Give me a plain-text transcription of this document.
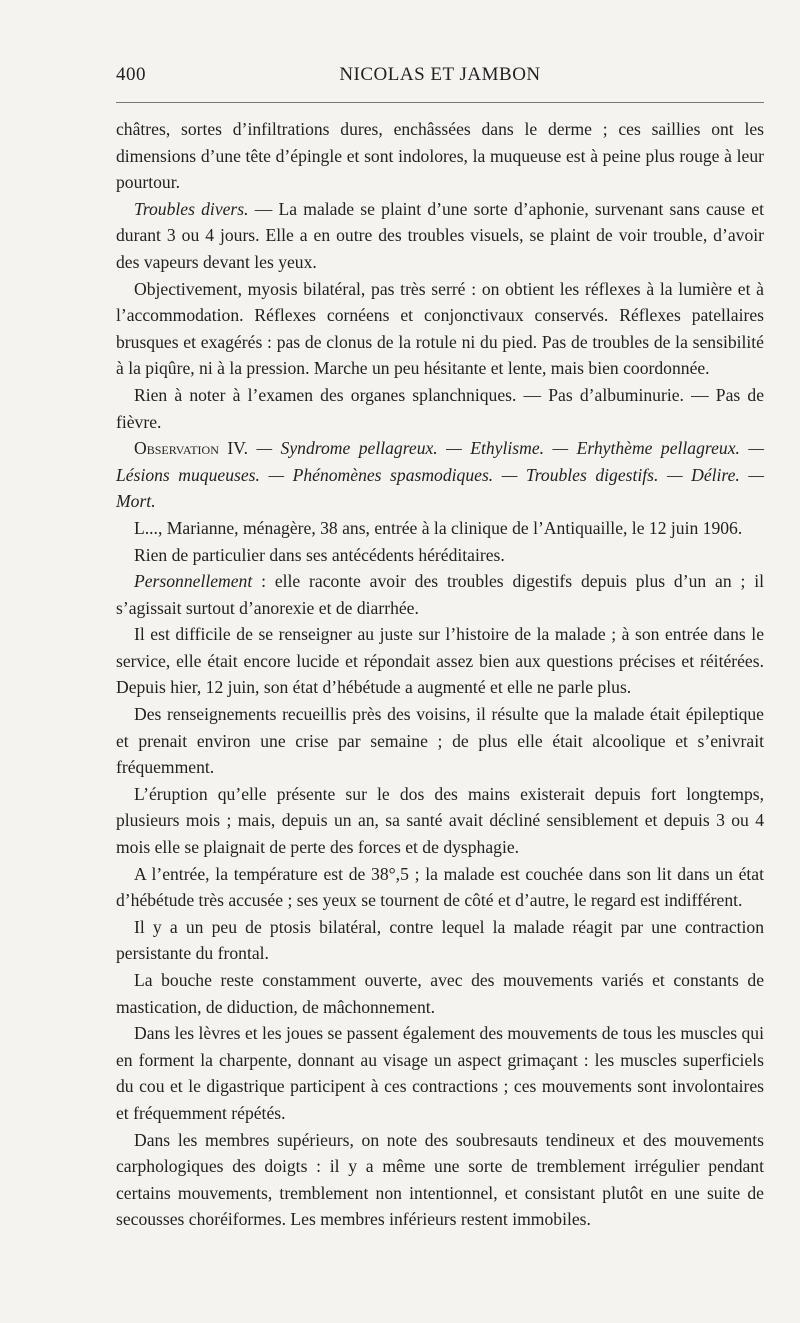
400	NICOLAS ET JAMBON

châtres, sortes d’infiltrations dures, enchâssées dans le derme ; ces saillies ont les dimensions d’une tête d’épingle et sont indolores, la muqueuse est à peine plus rouge à leur pourtour.

Troubles divers. — La malade se plaint d’une sorte d’aphonie, survenant sans cause et durant 3 ou 4 jours. Elle a en outre des troubles visuels, se plaint de voir trouble, d’avoir des vapeurs devant les yeux.

Objectivement, myosis bilatéral, pas très serré : on obtient les réflexes à la lumière et à l’accommodation. Réflexes cornéens et conjonctivaux conservés. Réflexes patellaires brusques et exagérés : pas de clonus de la rotule ni du pied. Pas de troubles de la sensibilité à la piqûre, ni à la pression. Marche un peu hésitante et lente, mais bien coordonnée.

Rien à noter à l’examen des organes splanchniques. — Pas d’albuminurie. — Pas de fièvre.

Observation IV. — Syndrome pellagreux. — Ethylisme. — Erhythème pellagreux. — Lésions muqueuses. — Phénomènes spasmodiques. — Troubles digestifs. — Délire. — Mort.

L..., Marianne, ménagère, 38 ans, entrée à la clinique de l’Antiquaille, le 12 juin 1906.

Rien de particulier dans ses antécédents héréditaires.

Personnellement : elle raconte avoir des troubles digestifs depuis plus d’un an ; il s’agissait surtout d’anorexie et de diarrhée.

Il est difficile de se renseigner au juste sur l’histoire de la malade ; à son entrée dans le service, elle était encore lucide et répondait assez bien aux questions précises et réitérées. Depuis hier, 12 juin, son état d’hébétude a augmenté et elle ne parle plus.

Des renseignements recueillis près des voisins, il résulte que la malade était épileptique et prenait environ une crise par semaine ; de plus elle était alcoolique et s’enivrait fréquemment.

L’éruption qu’elle présente sur le dos des mains existerait depuis fort longtemps, plusieurs mois ; mais, depuis un an, sa santé avait décliné sensiblement et depuis 3 ou 4 mois elle se plaignait de perte des forces et de dysphagie.

A l’entrée, la température est de 38°,5 ; la malade est couchée dans son lit dans un état d’hébétude très accusée ; ses yeux se tournent de côté et d’autre, le regard est indifférent.

Il y a un peu de ptosis bilatéral, contre lequel la malade réagit par une contraction persistante du frontal.

La bouche reste constamment ouverte, avec des mouvements variés et constants de mastication, de diduction, de mâchonnement.

Dans les lèvres et les joues se passent également des mouvements de tous les muscles qui en forment la charpente, donnant au visage un aspect grimaçant : les muscles superficiels du cou et le digastrique participent à ces contractions ; ces mouvements sont involontaires et fréquemment répétés.

Dans les membres supérieurs, on note des soubresauts tendineux et des mouvements carphologiques des doigts : il y a même une sorte de tremblement irrégulier pendant certains mouvements, tremblement non intentionnel, et consistant plutôt en une suite de secousses choréiformes. Les membres inférieurs restent immobiles.
